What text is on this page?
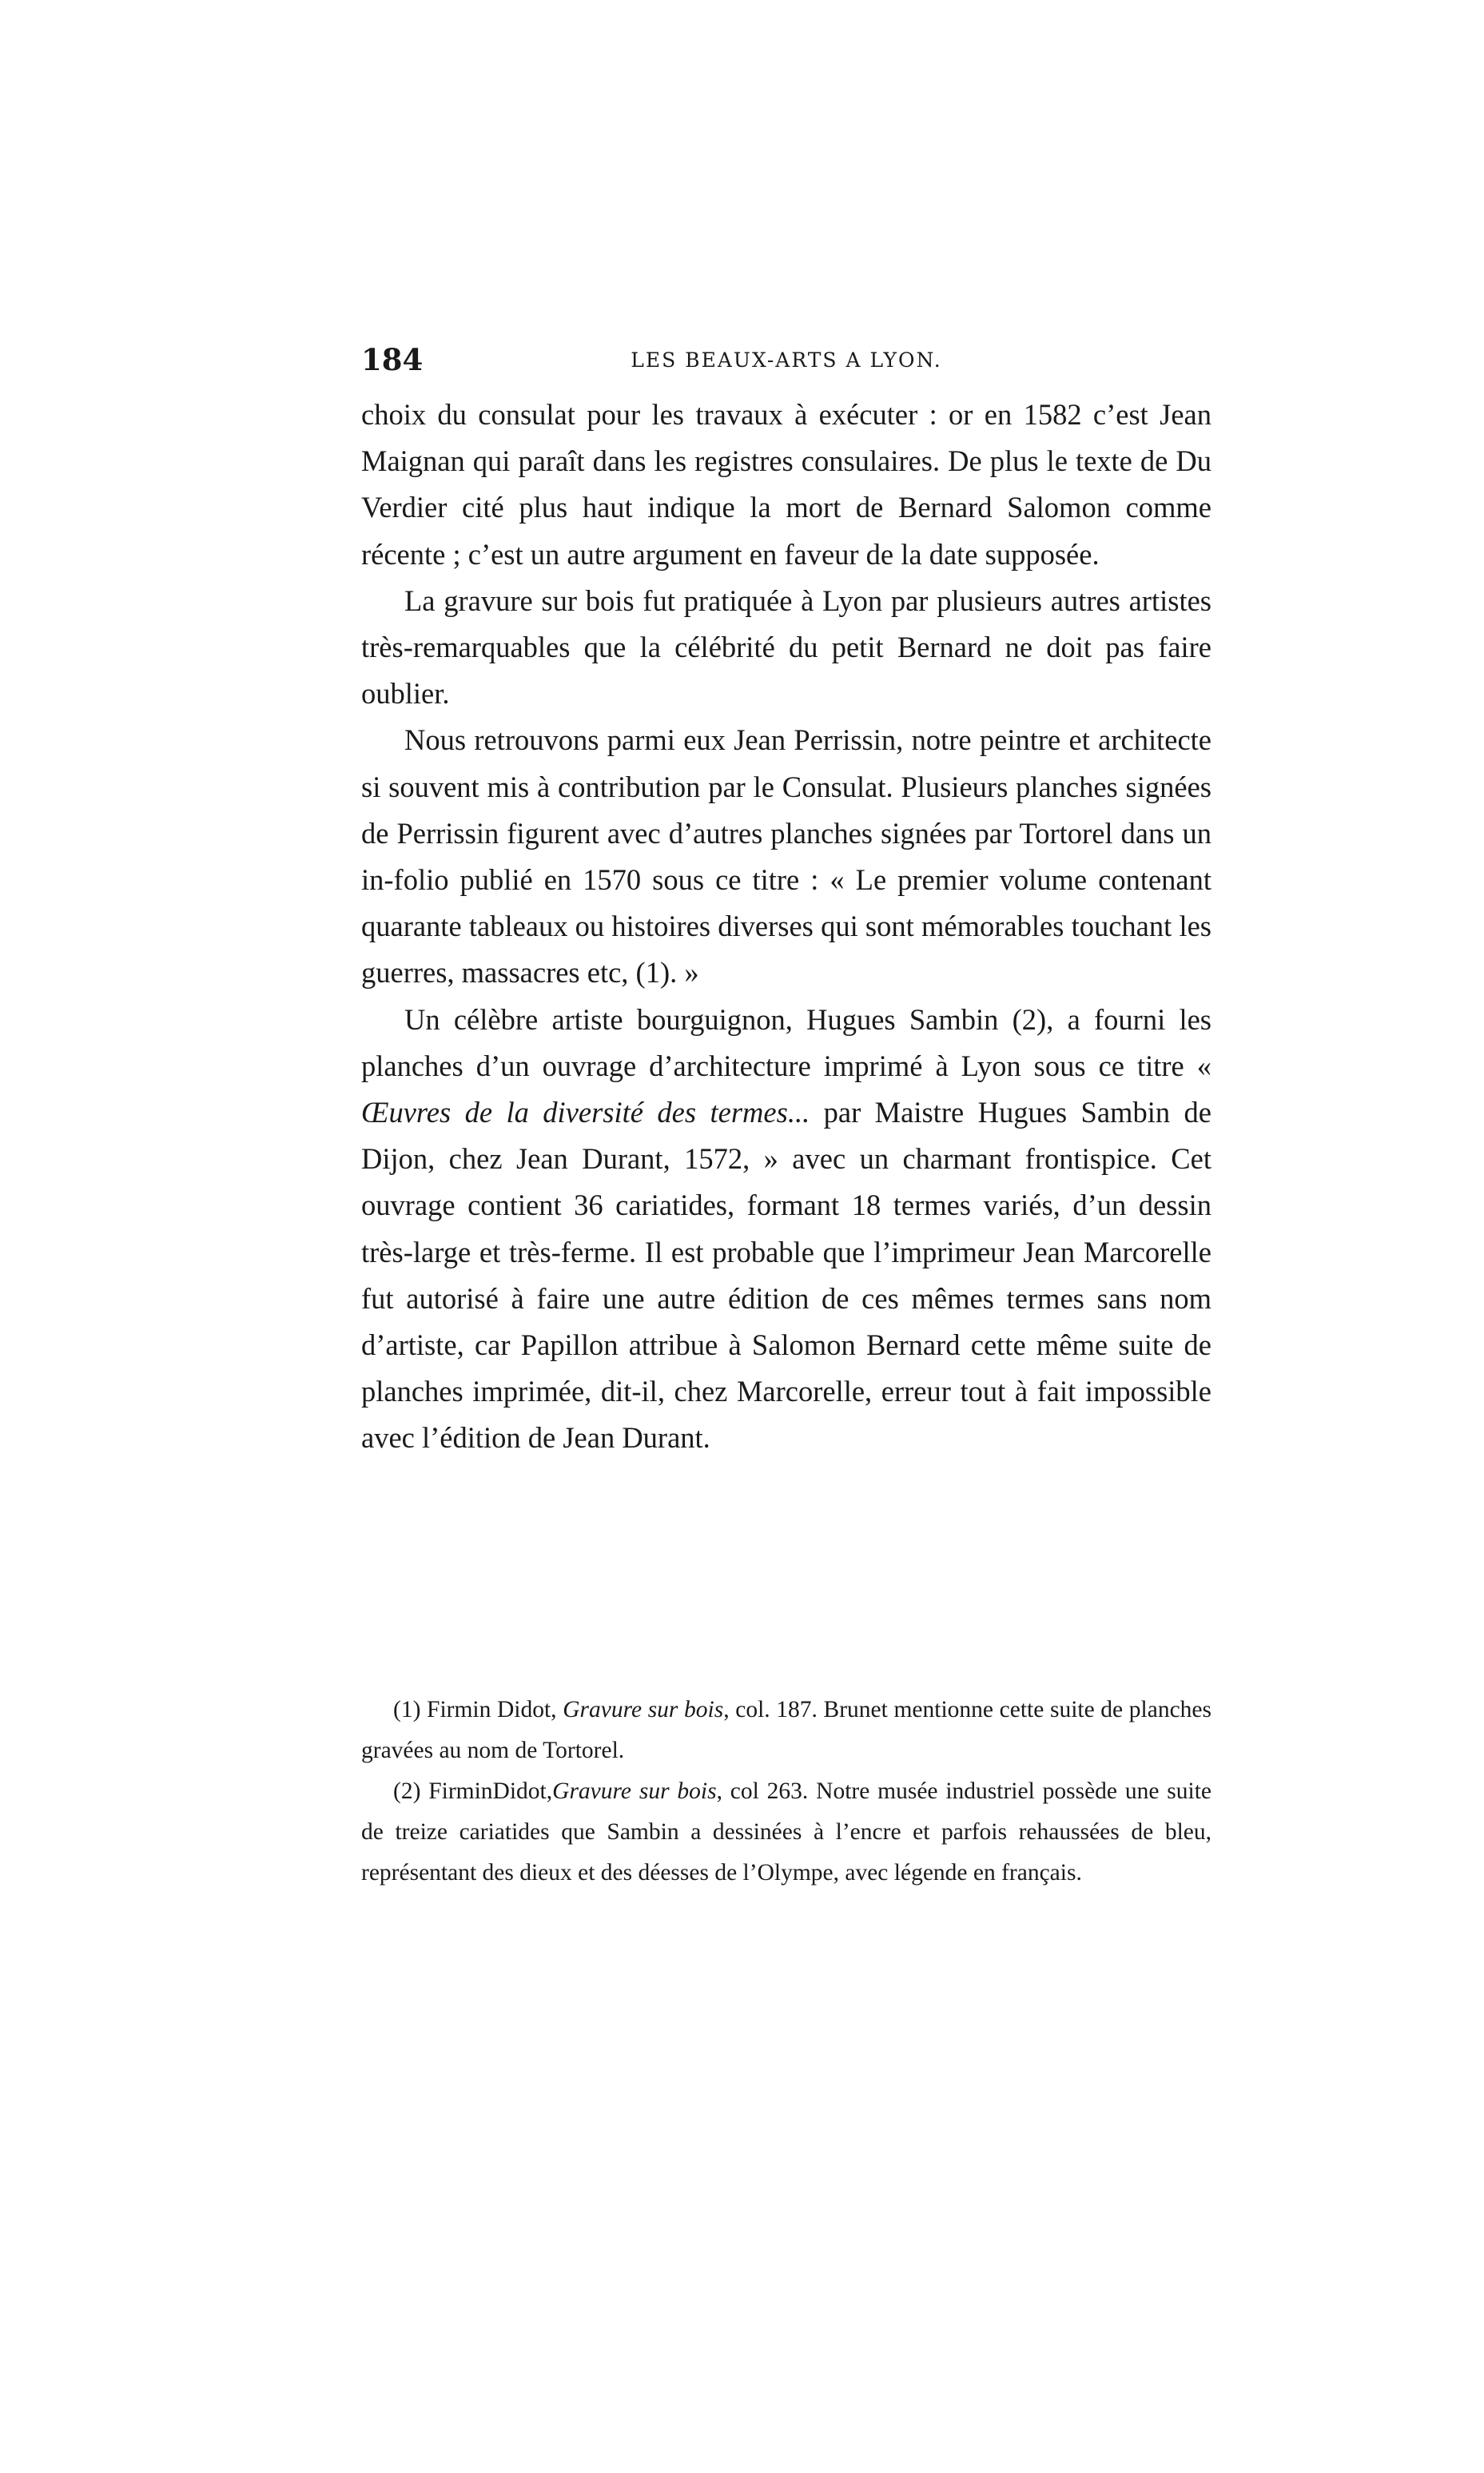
184	LES BEAUX-ARTS A LYON.

choix du consulat pour les travaux à exécuter : or en 1582 c’est Jean Maignan qui paraît dans les registres consulaires. De plus le texte de Du Verdier cité plus haut indique la mort de Bernard Salomon comme récente ; c’est un autre argument en faveur de la date supposée.

La gravure sur bois fut pratiquée à Lyon par plusieurs autres artistes très-remarquables que la célébrité du petit Bernard ne doit pas faire oublier.

Nous retrouvons parmi eux Jean Perrissin, notre peintre et architecte si souvent mis à contribution par le Consulat. Plusieurs planches signées de Perrissin figurent avec d’autres planches signées par Tortorel dans un in-folio publié en 1570 sous ce titre : « Le premier volume contenant quarante tableaux ou histoires diverses qui sont mémorables touchant les guerres, massacres etc, (1). »

Un célèbre artiste bourguignon, Hugues Sambin (2), a fourni les planches d’un ouvrage d’architecture imprimé à Lyon sous ce titre « Œuvres de la diversité des termes... par Maistre Hugues Sambin de Dijon, chez Jean Durant, 1572, » avec un charmant frontispice. Cet ouvrage contient 36 cariatides, formant 18 termes variés, d’un dessin très-large et très-ferme. Il est probable que l’imprimeur Jean Marcorelle fut autorisé à faire une autre édition de ces mêmes termes sans nom d’artiste, car Papillon attribue à Salomon Bernard cette même suite de planches imprimée, dit-il, chez Marcorelle, erreur tout à fait impossible avec l’édition de Jean Durant.

(1) Firmin Didot, Gravure sur bois, col. 187. Brunet mentionne cette suite de planches gravées au nom de Tortorel.

(2) FirminDidot,Gravure sur bois, col 263. Notre musée industriel possède une suite de treize cariatides que Sambin a dessinées à l’encre et parfois rehaussées de bleu, représentant des dieux et des déesses de l’Olympe, avec légende en français.
